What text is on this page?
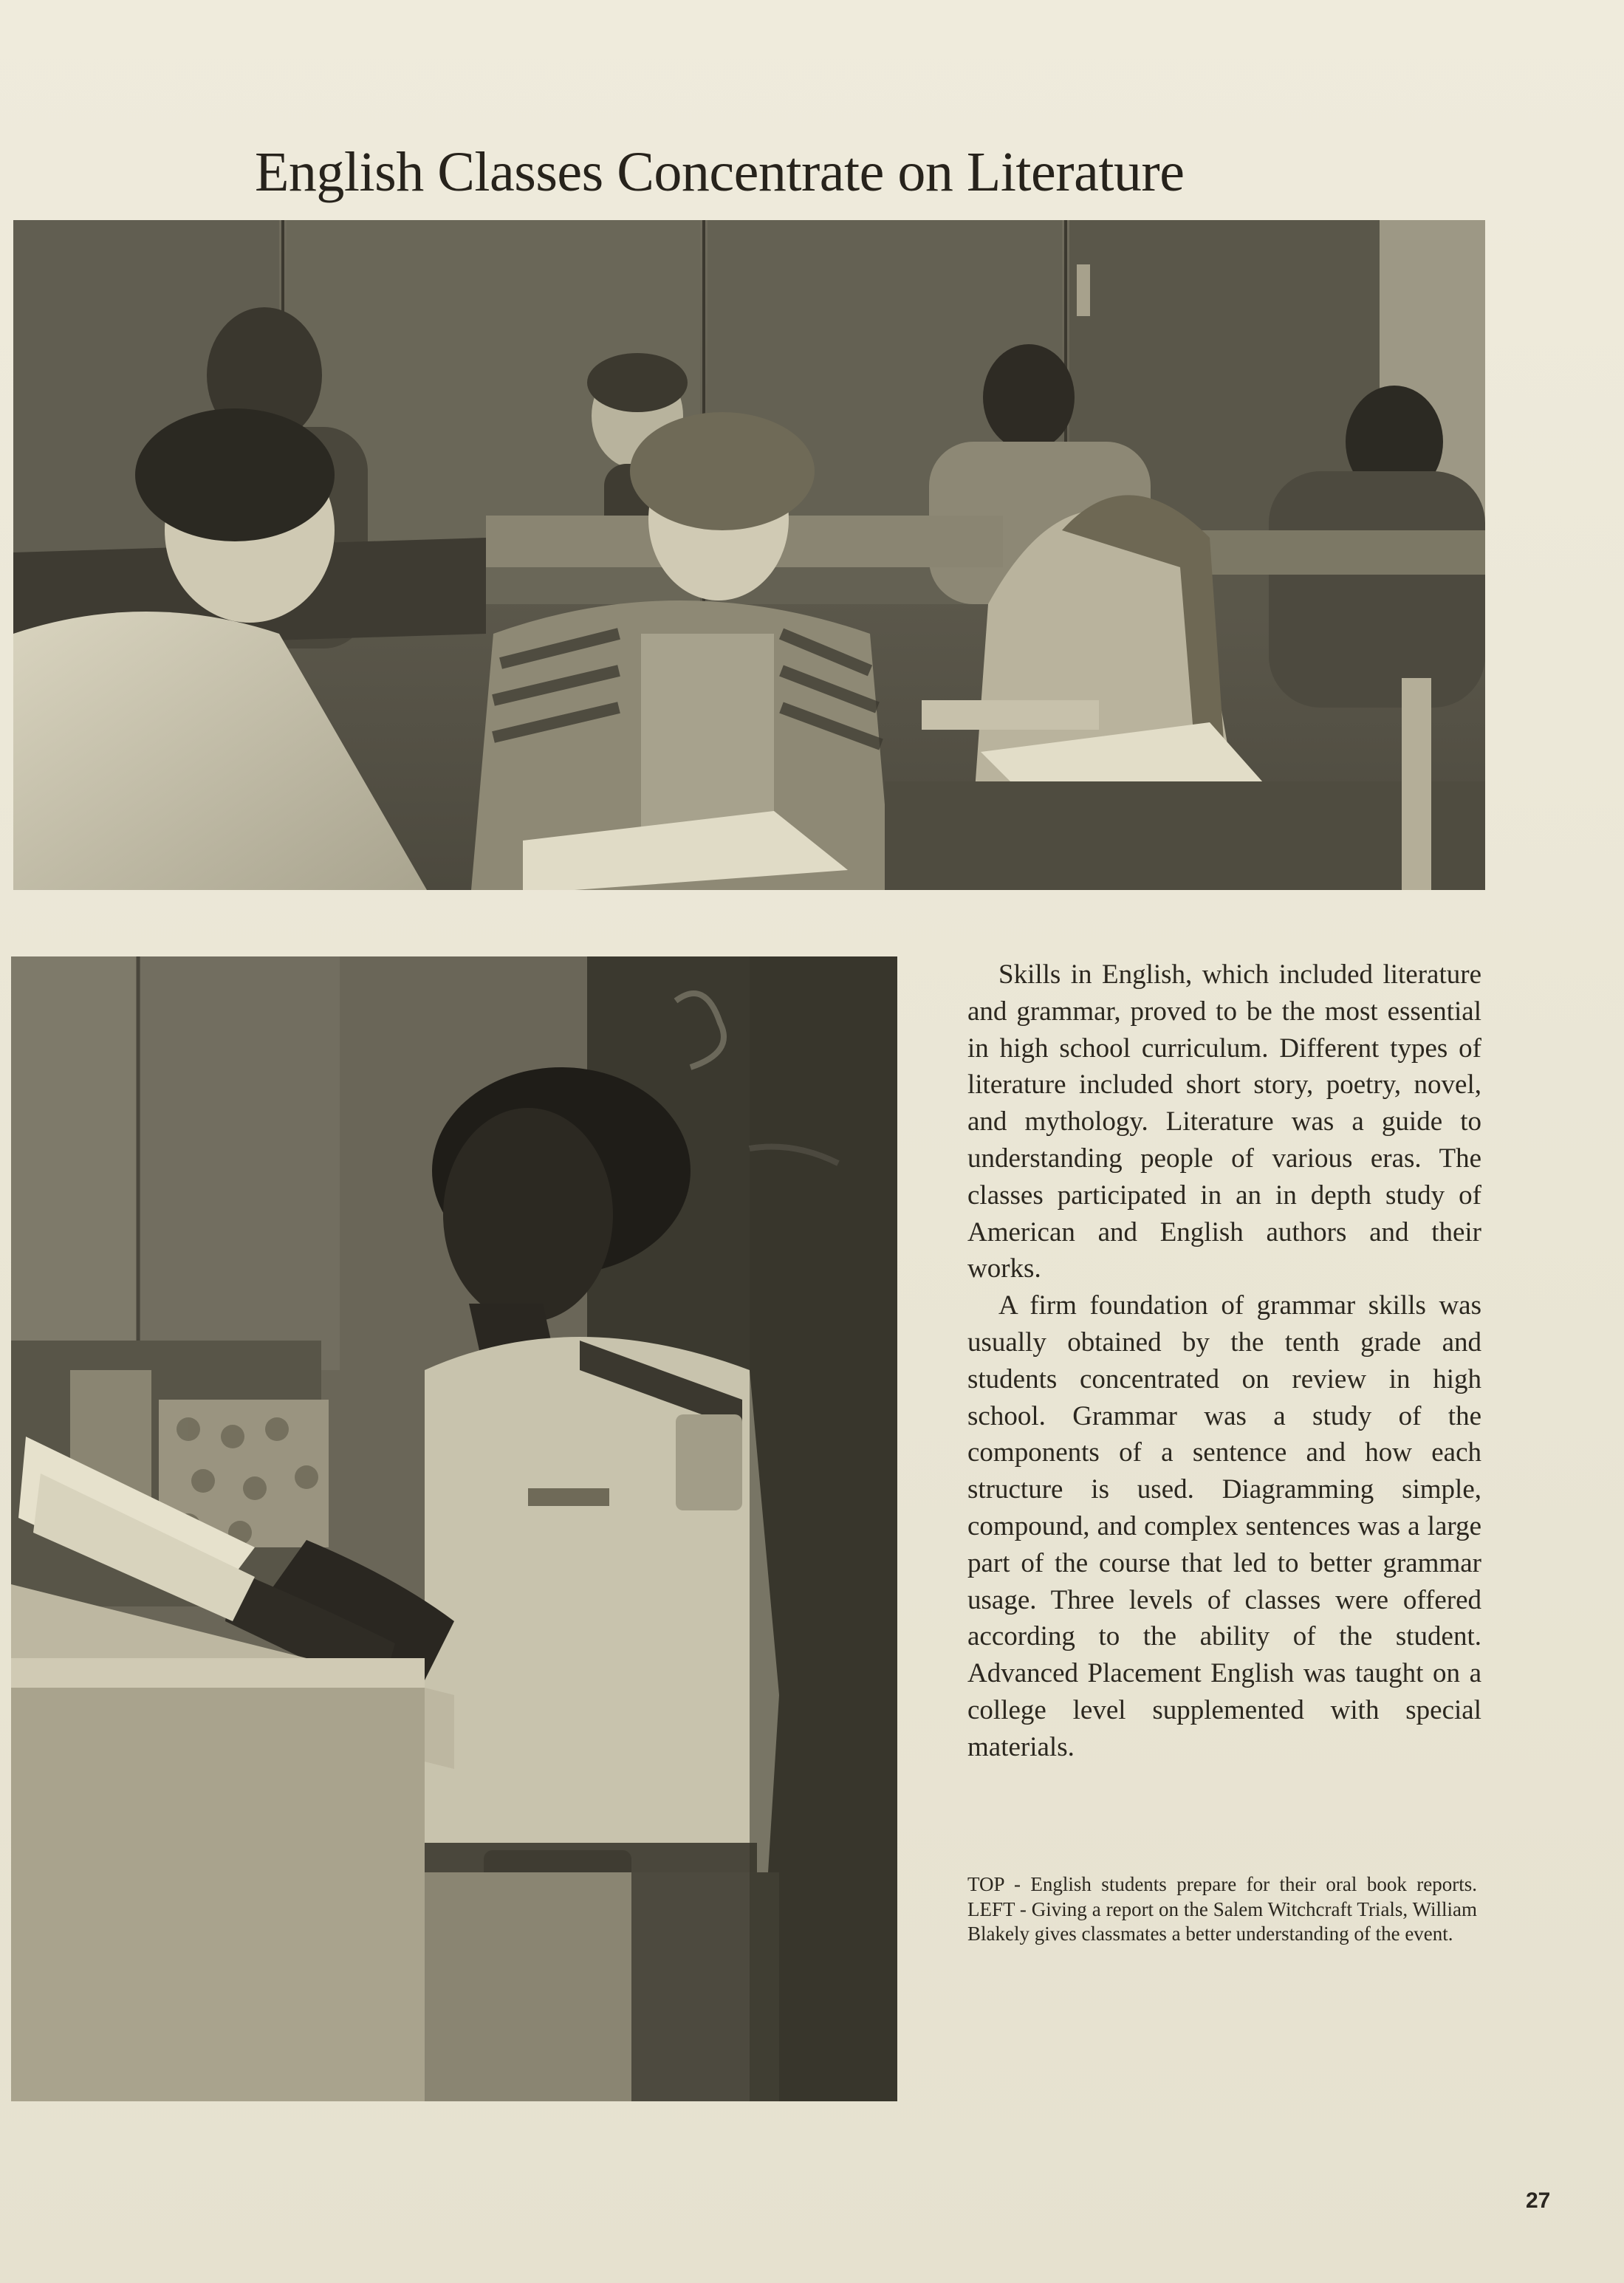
English Classes Concentrate on Literature

Skills in English, which included literature and grammar, proved to be the most essential in high school curriculum. Different types of literature included short story, poetry, novel, and mythology. Literature was a guide to understanding people of various eras. The classes participated in an in depth study of American and English authors and their works.

A firm foundation of grammar skills was usually obtained by the tenth grade and students concentrated on review in high school. Grammar was a study of the components of a sentence and how each structure is used. Diagramming simple, compound, and complex sentences was a large part of the course that led to better grammar usage. Three levels of classes were offered according to the ability of the student. Advanced Placement English was taught on a college level supplemented with special materials.

TOP - English students prepare for their oral book reports. LEFT - Giving a report on the Salem Witchcraft Trials, William Blakely gives classmates a better understanding of the event.
27
